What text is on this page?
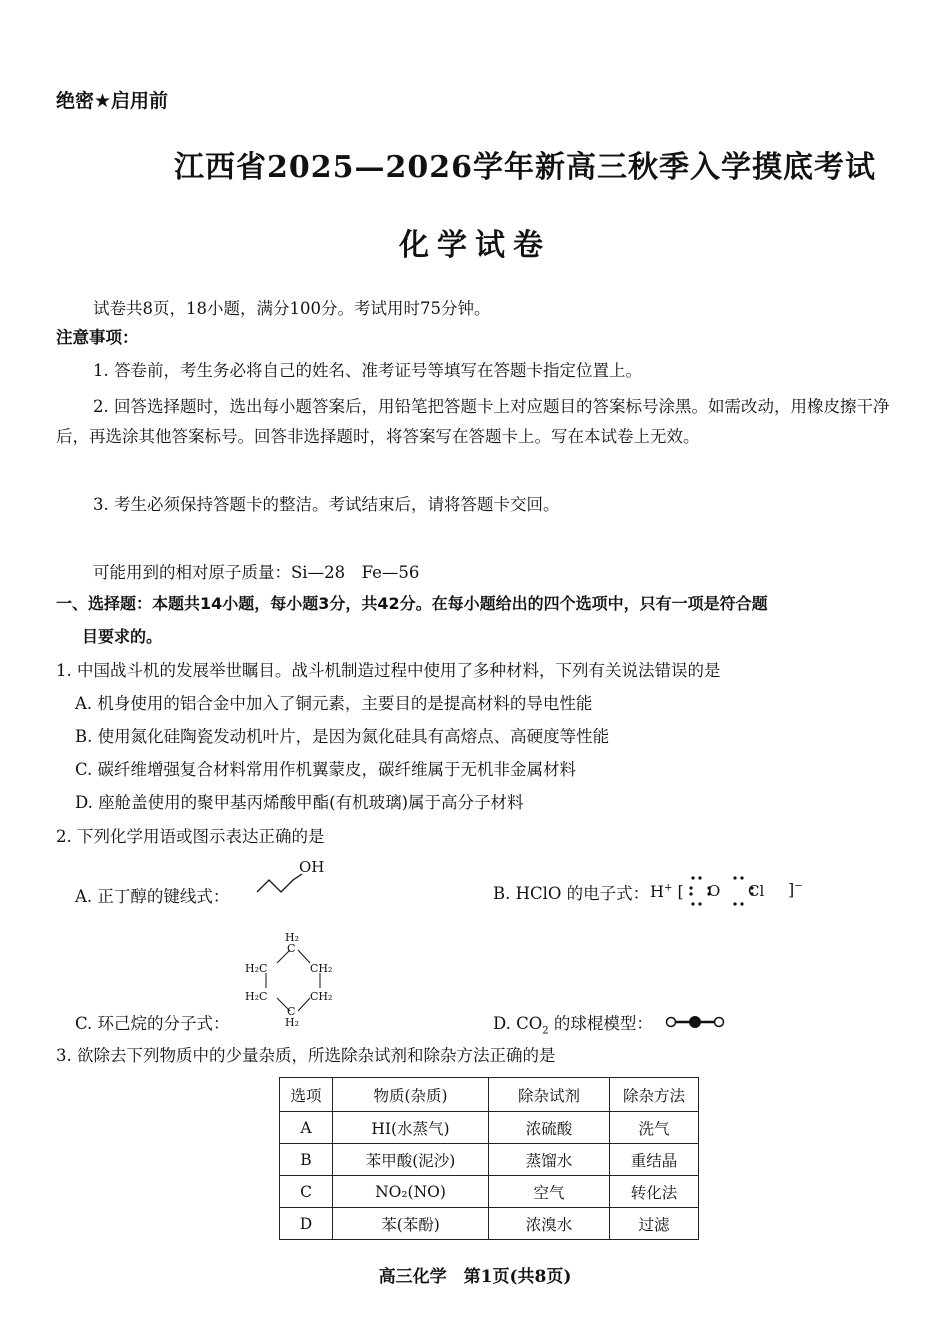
绝密★启用前
江西省2025—2026学年新高三秋季入学摸底考试
化学试卷
试卷共8页，18小题，满分100分。考试用时75分钟。
注意事项：
1. 答卷前，考生务必将自己的姓名、准考证号等填写在答题卡指定位置上。
2. 回答选择题时，选出每小题答案后，用铅笔把答题卡上对应题目的答案标号涂黑。如需改动，用橡皮擦干净后，再选涂其他答案标号。回答非选择题时，将答案写在答题卡上。写在本试卷上无效。
3. 考生必须保持答题卡的整洁。考试结束后，请将答题卡交回。
可能用到的相对原子质量：Si—28　Fe—56
一、选择题：本题共14小题，每小题3分，共42分。在每小题给出的四个选项中，只有一项是符合题
目要求的。
1. 中国战斗机的发展举世瞩目。战斗机制造过程中使用了多种材料，下列有关说法错误的是
A. 机身使用的铝合金中加入了铜元素，主要目的是提高材料的导电性能
B. 使用氮化硅陶瓷发动机叶片，是因为氮化硅具有高熔点、高硬度等性能
C. 碳纤维增强复合材料常用作机翼蒙皮，碳纤维属于无机非金属材料
D. 座舱盖使用的聚甲基丙烯酸甲酯(有机玻璃)属于高分子材料
2. 下列化学用语或图示表达正确的是
A. 正丁醇的键线式：
OH
B. HClO 的电子式： H+ [ O Cl ]−
C. 环己烷的分子式：
H₂
C
H₂C	CH₂
H₂C	CH₂
C
H₂	D. $CO_2$ 的球棍模型：
3. 欲除去下列物质中的少量杂质，所选除杂试剂和除杂方法正确的是
选项	物质(杂质)	除杂试剂	除杂方法
A	HI(水蒸气)	浓硫酸	洗气
B	苯甲酸(泥沙)	蒸馏水	重结晶
C	NO₂(NO)	空气	转化法
D	苯(苯酚)	浓溴水	过滤
高三化学　第1页(共8页)
